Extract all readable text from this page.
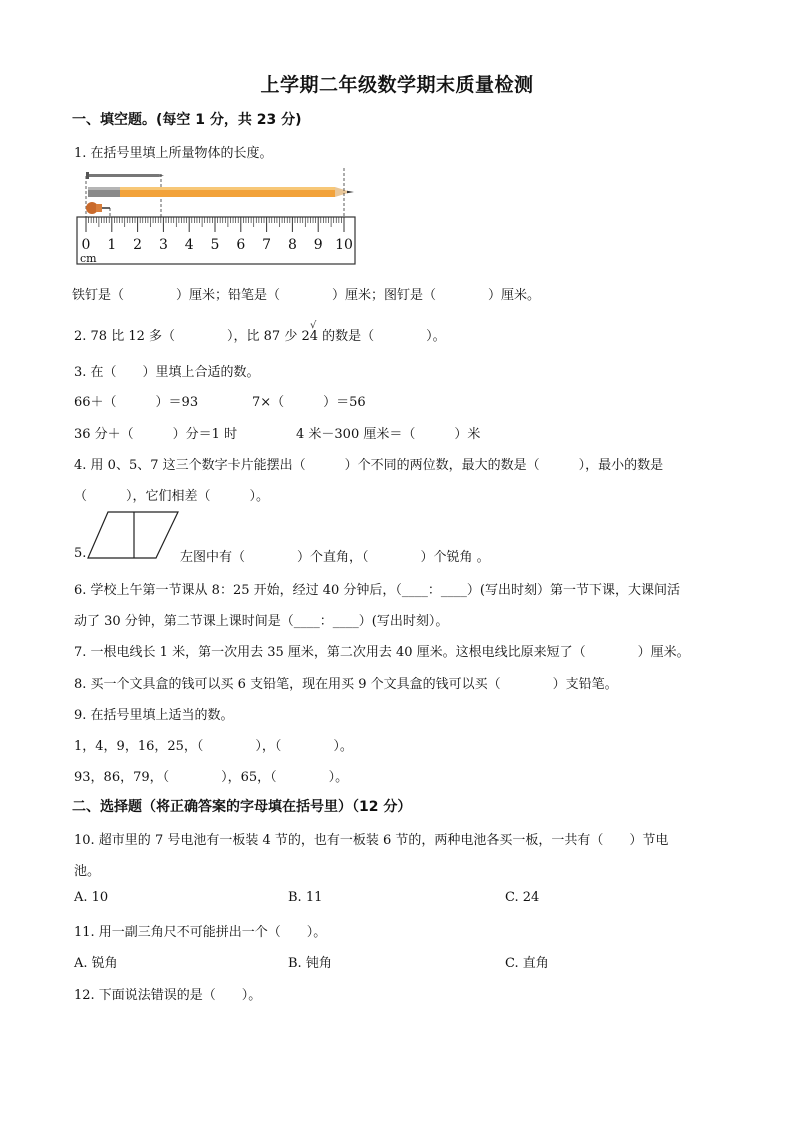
上学期二年级数学期末质量检测
一、填空题。(每空 1 分，共 23 分)
1. 在括号里填上所量物体的长度。
0 1 2 3 4 5 6 7 8 9 10
cm
铁钉是（　　　　）厘米；铅笔是（　　　　）厘米；图钉是（　　　　）厘米。
2. 78 比 12 多（　　　　），比 87 少 24 的数是（　　　　）。
√
3. 在（　　）里填上合适的数。
66＋（　　　）＝93	7×（　　　）＝56
36 分＋（　　　）分＝1 时	4 米－300 厘米＝（　　　）米
4. 用 0、5、7 这三个数字卡片能摆出（　　　）个不同的两位数，最大的数是（　　　），最小的数是
（　　　），它们相差（　　　）。
5.	左图中有（　　　　）个直角，（　　　　）个锐角 。
6. 学校上午第一节课从 8：25 开始，经过 40 分钟后，（____：____）(写出时刻）第一节下课，大课间活
动了 30 分钟，第二节课上课时间是（____：____）(写出时刻）。
7. 一根电线长 1 米，第一次用去 35 厘米，第二次用去 40 厘米。这根电线比原来短了（　　　　）厘米。
8. 买一个文具盒的钱可以买 6 支铅笔，现在用买 9 个文具盒的钱可以买（　　　　）支铅笔。
9. 在括号里填上适当的数。
1，4，9，16，25，（　　　　），（　　　　）。
93，86，79，（　　　　），65，（　　　　）。
二、选择题（将正确答案的字母填在括号里）（12 分）
10. 超市里的 7 号电池有一板装 4 节的，也有一板装 6 节的，两种电池各买一板，一共有（　　）节电
池。
A. 10	B. 11	C. 24
11. 用一副三角尺不可能拼出一个（　　）。
A. 锐角	B. 钝角	C. 直角
12. 下面说法错误的是（　　）。
